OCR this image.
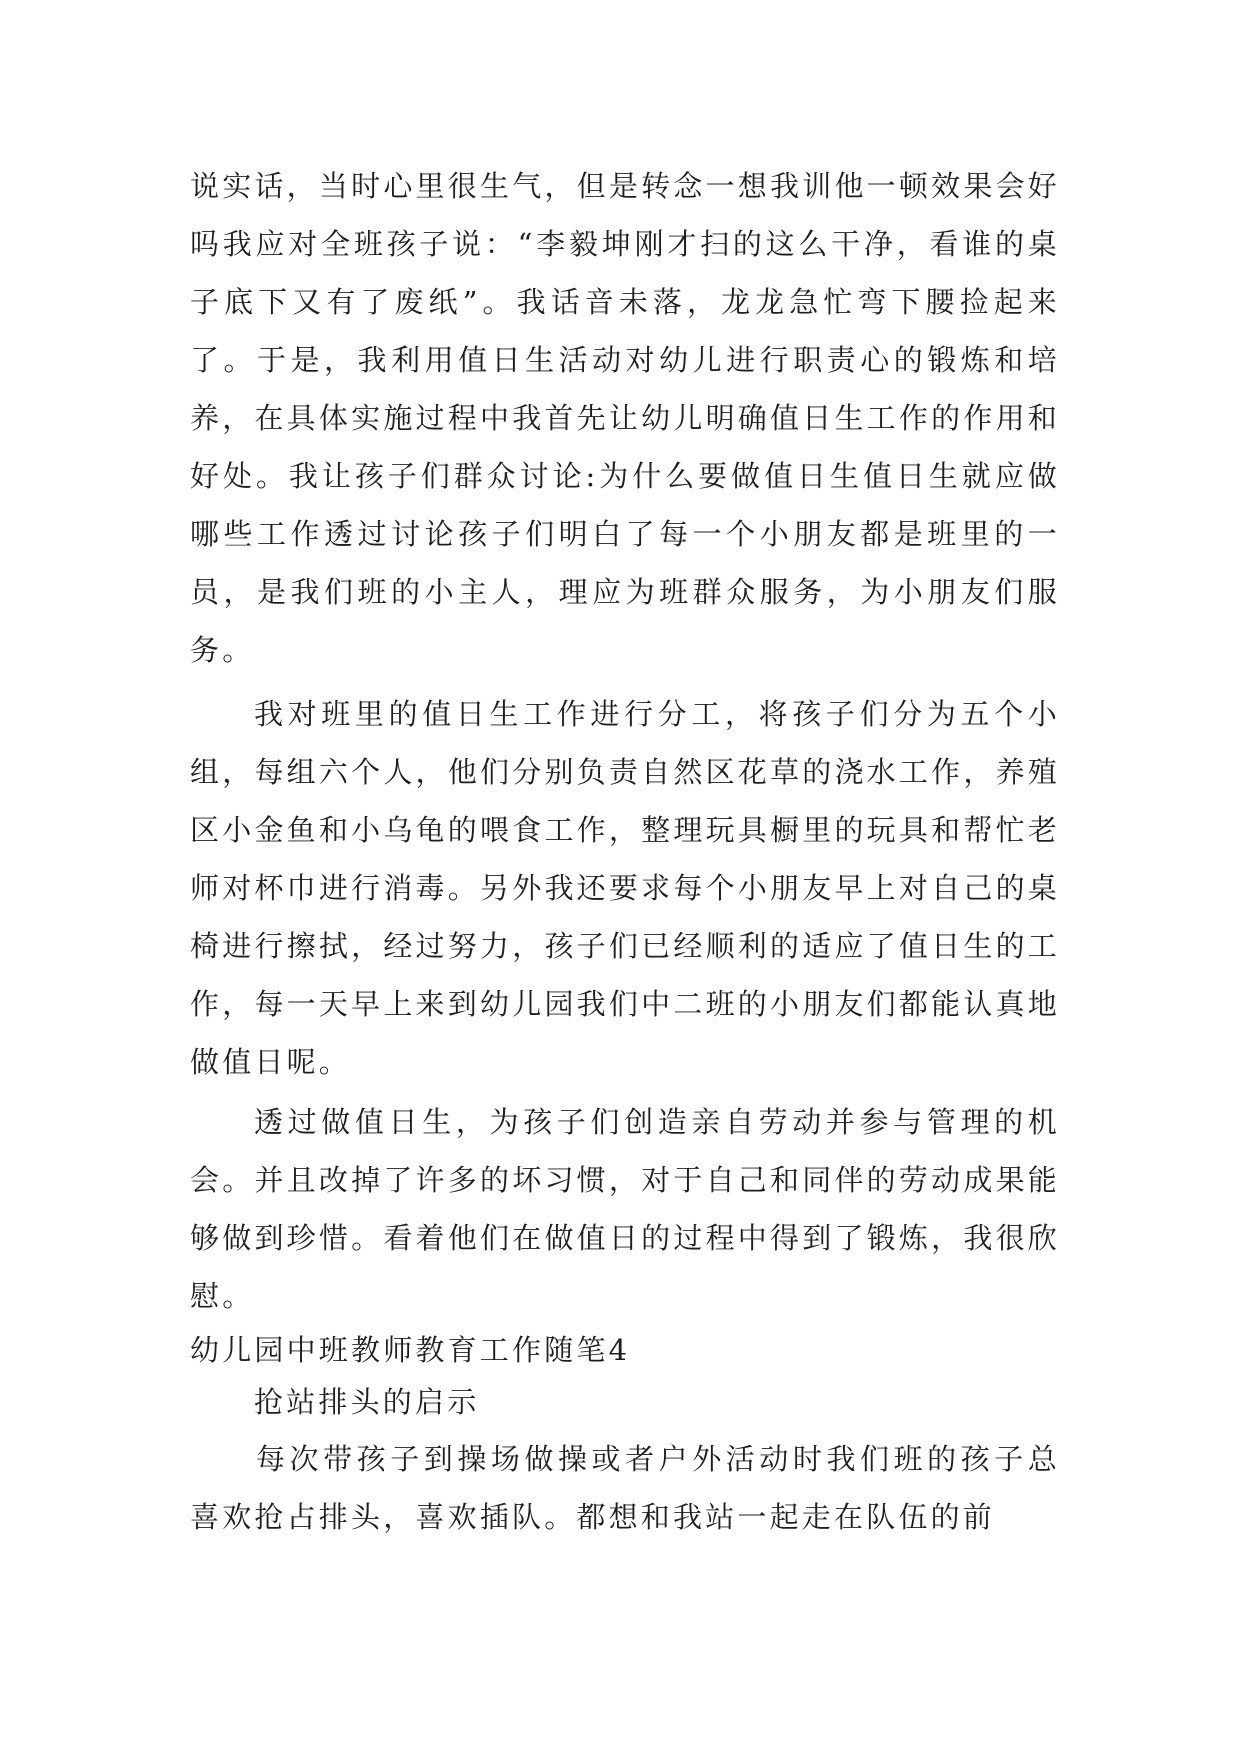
说实话，当时心里很生气，但是转念一想我训他一顿效果会好吗我应对全班孩子说：“李毅坤刚才扫的这么干净，看谁的桌子底下又有了废纸”。我话音未落，龙龙急忙弯下腰捡起来了。于是，我利用值日生活动对幼儿进行职责心的锻炼和培养，在具体实施过程中我首先让幼儿明确值日生工作的作用和好处。我让孩子们群众讨论:为什么要做值日生值日生就应做哪些工作透过讨论孩子们明白了每一个小朋友都是班里的一员，是我们班的小主人，理应为班群众服务，为小朋友们服务。

我对班里的值日生工作进行分工，将孩子们分为五个小组，每组六个人，他们分别负责自然区花草的浇水工作，养殖区小金鱼和小乌龟的喂食工作，整理玩具橱里的玩具和帮忙老师对杯巾进行消毒。另外我还要求每个小朋友早上对自己的桌椅进行擦拭，经过努力，孩子们已经顺利的适应了值日生的工作，每一天早上来到幼儿园我们中二班的小朋友们都能认真地做值日呢。

透过做值日生，为孩子们创造亲自劳动并参与管理的机会。并且改掉了许多的坏习惯，对于自己和同伴的劳动成果能够做到珍惜。看着他们在做值日的过程中得到了锻炼，我很欣慰。

幼儿园中班教师教育工作随笔4
抢站排头的启示

每次带孩子到操场做操或者户外活动时我们班的孩子总喜欢抢占排头，喜欢插队。都想和我站一起走在队伍的前
